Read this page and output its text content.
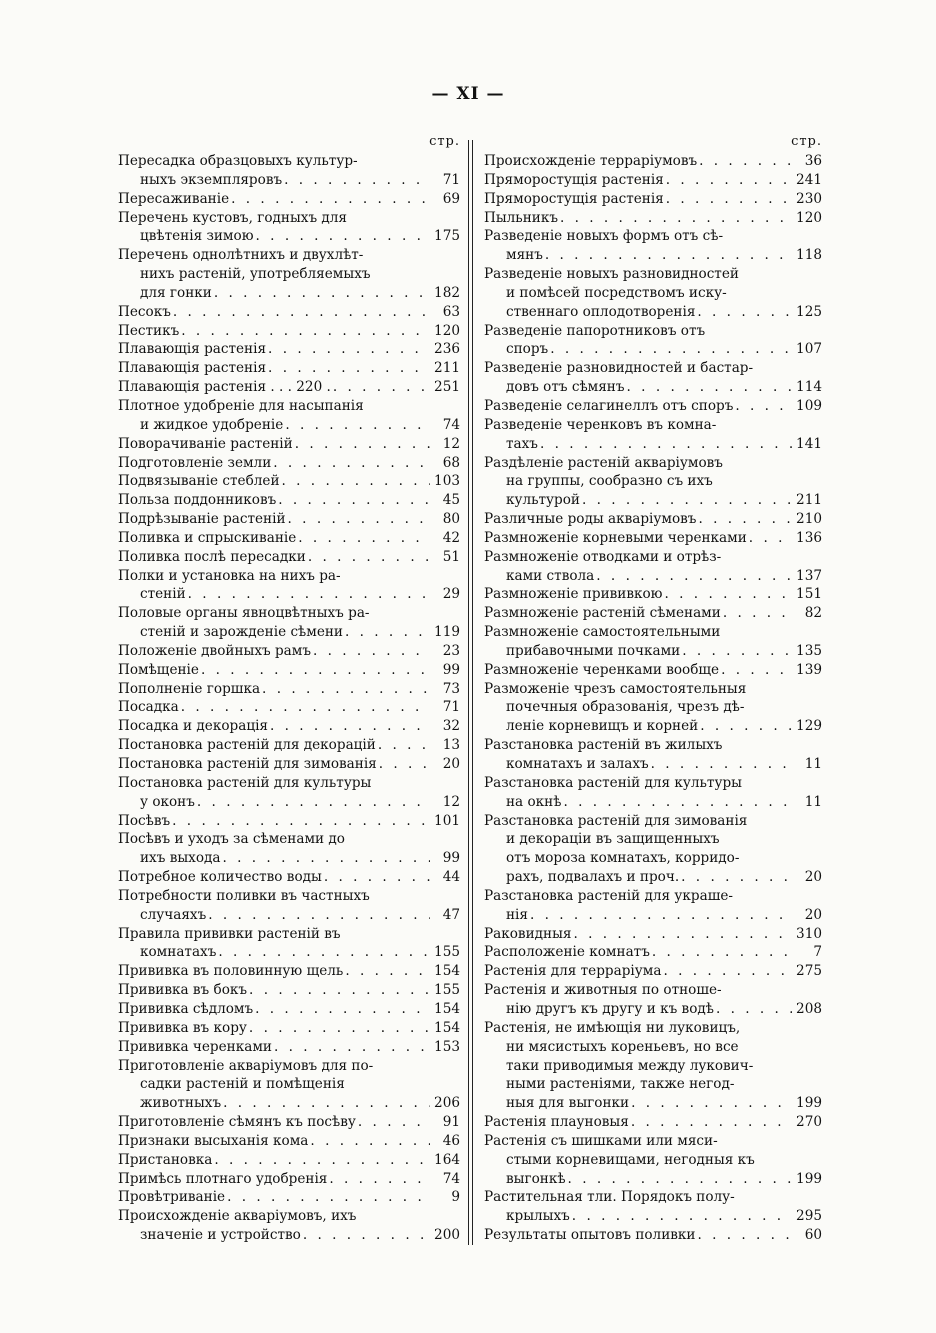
— XI —
стр.
Пересадка образцовыхъ культур-
ныхъ экземпляровъ . . .	71
Пересаживаніе . . .	69
Перечень кустовъ, годныхъ для
цвѣтенія зимою . . .	175
Перечень однолѣтнихъ и двухлѣт-
нихъ растеній, употребляемыхъ
для гонки . . .	182
Песокъ . . .	63
Пестикъ . . .	120
Плавающія растенія . . .	236
Плавающія растенія . . .	211
Плавающія растенія . . . 220 . . . .	251
Плотное удобреніе для насыпанія
и жидкое удобреніе . . .	74
Поворачиваніе растеній . . .	12
Подготовленіе земли . . .	68
Подвязываніе стеблей . . .	103
Польза поддонниковъ . . .	45
Подрѣзываніе растеній . . .	80
Поливка и спрыскиваніе . . .	42
Поливка послѣ пересадки . . .	51
Полки и установка на нихъ ра-
стеній . . .	29
Половые органы явноцвѣтныхъ ра-
стеній и зарожденіе сѣмени . . .	119
Положеніе двойныхъ рамъ . . .	23
Помѣщеніе . . .	99
Пополненіе горшка . . .	73
Посадка . . .	71
Посадка и декорація . . .	32
Постановка растеній для декорацій . . .	13
Постановка растеній для зимованія . . .	20
Постановка растеній для культуры
у оконъ . . .	12
Посѣвъ . . .	101
Посѣвъ и уходъ за сѣменами до
ихъ выхода . . .	99
Потребное количество воды . . .	44
Потребности поливки въ частныхъ
случаяхъ . . .	47
Правила прививки растеній въ
комнатахъ . . .	155
Прививка въ половинную щель . . .	154
Прививка въ бокъ . . .	155
Прививка сѣдломъ . . .	154
Прививка въ кору . . .	154
Прививка черенками . . .	153
Приготовленіе акваріумовъ для по-
садки растеній и помѣщенія
животныхъ . . .	206
Приготовленіе сѣмянъ къ посѣву . . .	91
Признаки высыханія кома . . .	46
Пристановка . . .	164
Примѣсь плотнаго удобренія . . .	74
Провѣтриваніе . . .	9
Происхожденіе акваріумовъ, ихъ
значеніе и устройство . . .	200
стр.
Происхожденіе терраріумовъ . . .	36
Пряморостущія растенія . . .	241
Пряморостущія растенія . . .	230
Пыльникъ . . .	120
Разведеніе новыхъ формъ отъ сѣ-
мянъ . . .	118
Разведеніе новыхъ разновидностей
и помѣсей посредствомъ иску-
ственнаго оплодотворенія . . .	125
Разведеніе папоротниковъ отъ
споръ . . .	107
Разведеніе разновидностей и бастар-
довъ отъ сѣмянъ . . .	114
Разведеніе селагинеллъ отъ споръ . . .	109
Разведеніе черенковъ въ комна-
тахъ . . .	141
Раздѣленіе растеній акваріумовъ
на группы, сообразно съ ихъ
культурой . . .	211
Различные роды акваріумовъ . . .	210
Размноженіе корневыми черенками . . .	136
Размноженіе отводками и отрѣз-
ками ствола . . .	137
Размноженіе прививкою . . .	151
Размноженіе растеній сѣменами . . .	82
Размноженіе самостоятельными
прибавочными почками . . .	135
Размноженіе черенками вообще . . .	139
Разможеніе чрезъ самостоятельныя
почечныя образованія, чрезъ дѣ-
леніе корневищъ и корней . . .	129
Разстановка растеній въ жилыхъ
комнатахъ и залахъ . . .	11
Разстановка растеній для культуры
на окнѣ . . .	11
Разстановка растеній для зимованія
и декораціи въ защищенныхъ
отъ мороза комнатахъ, корридо-
рахъ, подвалахъ и проч. . . .	20
Разстановка растеній для украше-
нія . . .	20
Раковидныя . . .	310
Расположеніе комнатъ . . .	7
Растенія для терраріума . . .	275
Растенія и животныя по отноше-
нію другъ къ другу и къ водѣ . . .	208
Растенія, не имѣющія ни луковицъ,
ни мясистыхъ кореньевъ, но все
таки приводимыя между лукович-
ными растеніями, также негод-
ныя для выгонки . . .	199
Растенія плауновыя . . .	270
Растенія съ шишками или мяси-
стыми корневищами, негодныя къ
выгонкѣ . . .	199
Растительная тли. Порядокъ полу-
крылыхъ . . .	295
Результаты опытовъ поливки . . .	60
